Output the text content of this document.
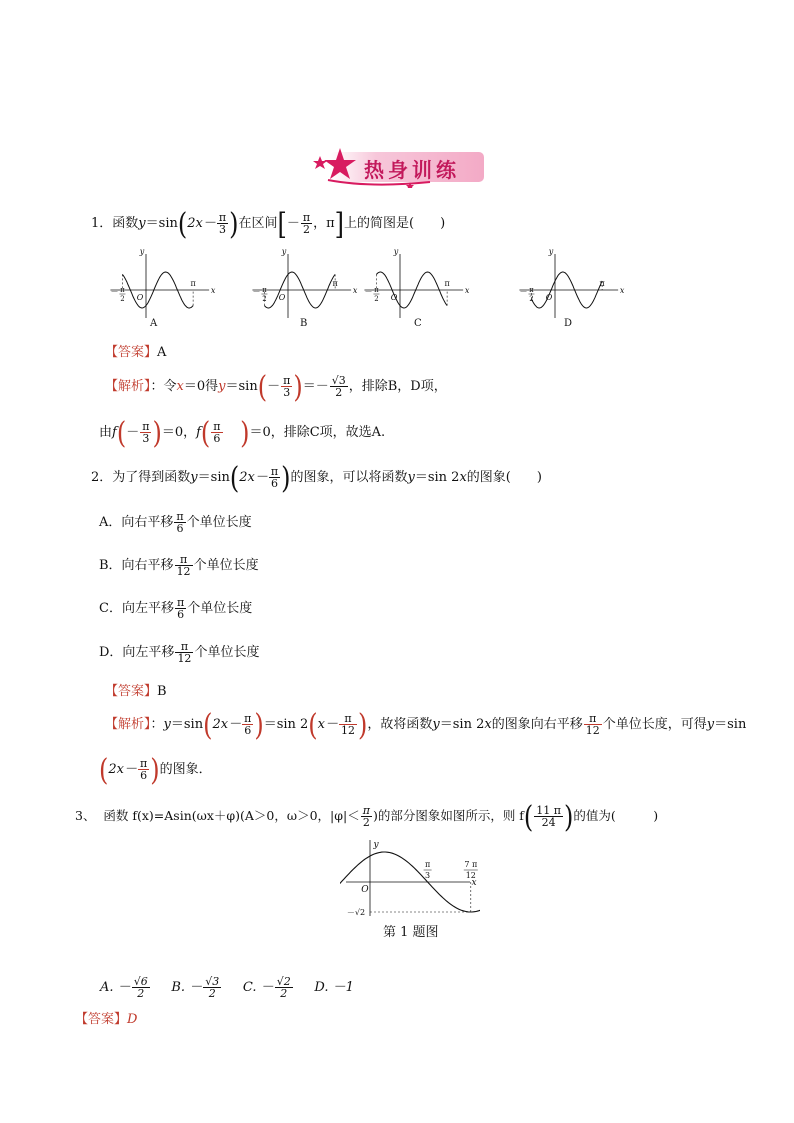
热身训练
1．函数$y=\sin(2x- \frac{\pi}{3}$ )在区间[－ $\frac{\pi}{2}$ ，π]上的简图是(　　)
y
x
O
π
－ π
2
y
x
O
π
－ π
2
y
x
O
π
－ π
2
y
x
O
π
－ π
2
A	B	C	D
【答案】A
【解析】：令x＝0得$y=\sin(- \frac{\pi}{3}$ )＝－ $\frac{√3}{2}$ ，排除B，D项，
由$f(- \frac{\pi}{3} )=0$，$f( \frac{\pi}{6} )=0$，排除C项，故选A.
2．为了得到函数$y=\sin(2x- \frac{\pi}{6}$ )的图象，可以将函数y＝sin 2x的图象(　　)
A．向右平移 $\frac{\pi}{6}$ 个单位长度
B．向右平移 $\frac{\pi}{12}$ 个单位长度
C．向左平移 $\frac{\pi}{6}$ 个单位长度
D．向左平移 $\frac{\pi}{12}$ 个单位长度
【答案】B
【解析】：$y=\sin(2x- \frac{\pi}{6} )=\sin$ $2(x- \frac{\pi}{12}$ )，故将函数y＝sin 2x的图象向右平移 $\frac{\pi}{12}$ 个单位长度，可得y＝sin
($2x- \frac{\pi}{6}$ )的图象．
3、 函数 f(x)=Asin(ωx＋φ)(A＞0，ω＞0，$|\varphi|< \frac{\pi}{2}$ )的部分图象如图所示，则 $f( \frac{11 \pi}{24}$ )的值为(　　　)
y
x
O
π
3
7 π
12
－√2
第 1 题图
A. － $\frac{√6}{2} B$. － $\frac{√3}{2} C$. － $\frac{√2}{2} D$. －1
【答案】D
